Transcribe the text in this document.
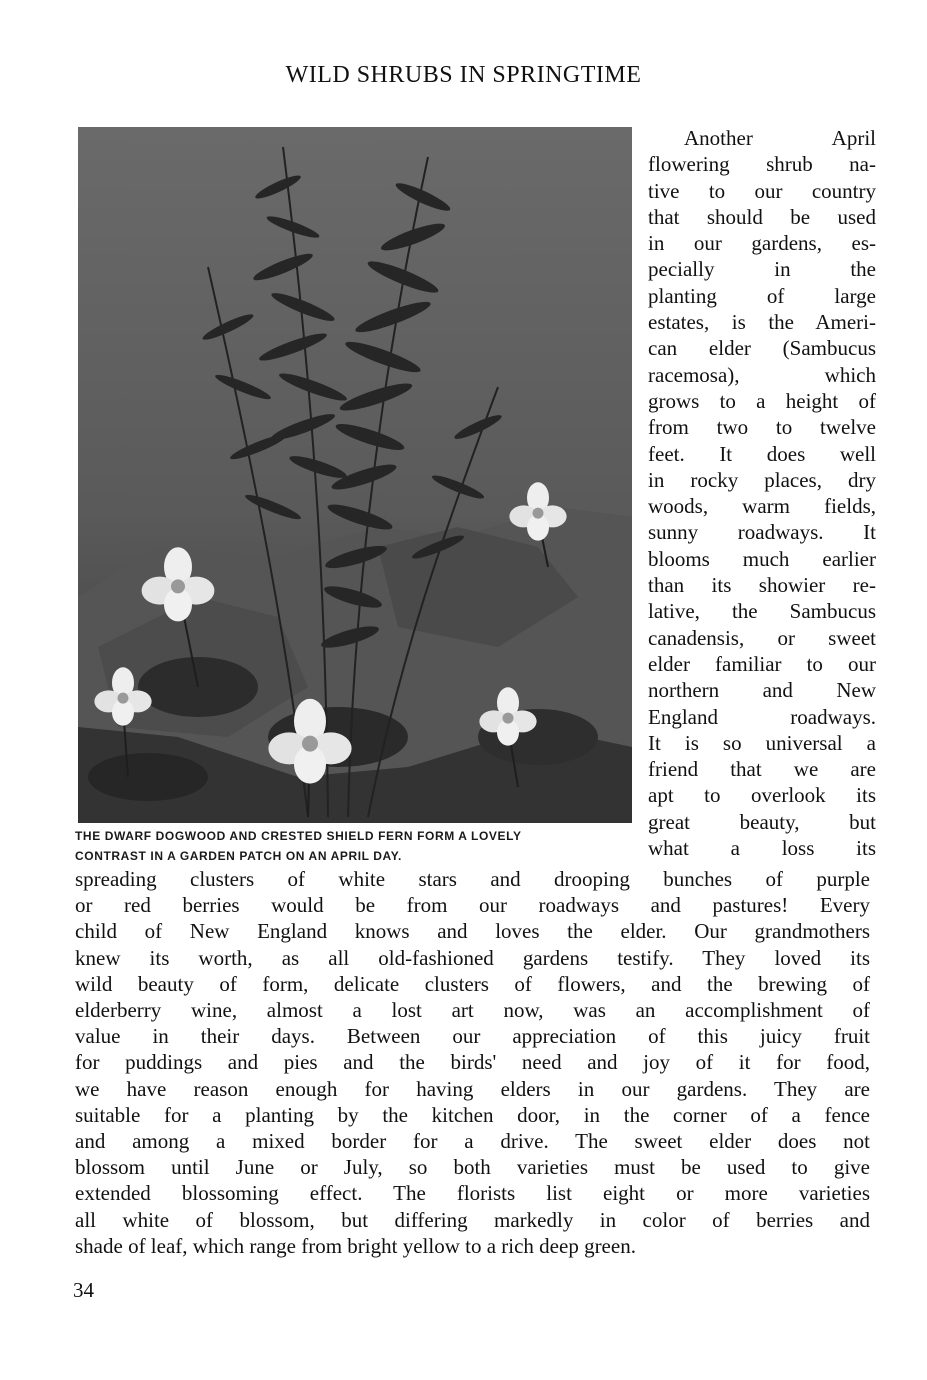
WILD SHRUBS IN SPRINGTIME
THE DWARF DOGWOOD AND CRESTED SHIELD FERN FORM A LOVELY
CONTRAST IN A GARDEN PATCH ON AN APRIL DAY.
Another April
flowering shrub na-
tive to our country
that should be used
in our gardens, es-
pecially in the
planting of large
estates, is the Ameri-
can elder (Sambucus
racemosa), which
grows to a height of
from two to twelve
feet. It does well
in rocky places, dry
woods, warm fields,
sunny roadways. It
blooms much earlier
than its showier re-
lative, the Sambucus
canadensis, or sweet
elder familiar to our
northern and New
England roadways.
It is so universal a
friend that we are
apt to overlook its
great beauty, but
what a loss its
spreading clusters of white stars and drooping bunches of purple
or red berries would be from our roadways and pastures! Every
child of New England knows and loves the elder. Our grandmothers
knew its worth, as all old-fashioned gardens testify. They loved its
wild beauty of form, delicate clusters of flowers, and the brewing of
elderberry wine, almost a lost art now, was an accomplishment of
value in their days. Between our appreciation of this juicy fruit
for puddings and pies and the birds' need and joy of it for food,
we have reason enough for having elders in our gardens. They are
suitable for a planting by the kitchen door, in the corner of a fence
and among a mixed border for a drive. The sweet elder does not
blossom until June or July, so both varieties must be used to give
extended blossoming effect. The florists list eight or more varieties
all white of blossom, but differing markedly in color of berries and
shade of leaf, which range from bright yellow to a rich deep green.
34
